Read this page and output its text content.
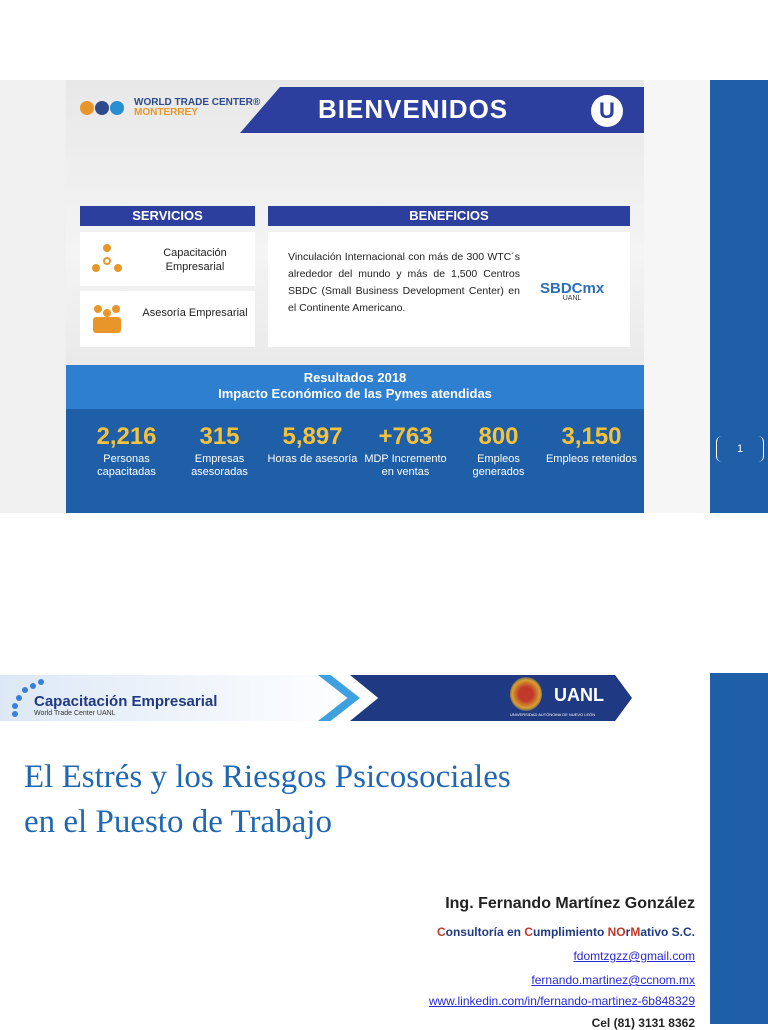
WORLD TRADE CENTER®
MONTERREY	BIENVENIDOS	U
SERVICIOS	BENEFICIOS
Capacitación Empresarial
Asesoría Empresarial
Vinculación Internacional con más de 300 WTC´s alrededor del mundo y más de 1,500 Centros SBDC (Small Business Development Center) en el Continente Americano.
SBDCmx
UANL
Resultados 2018
Impacto Económico de las Pymes atendidas
2,216
Personas capacitadas
315
Empresas asesoradas
5,897
Horas de asesoría
+763
MDP Incremento en ventas
800
Empleos generados
3,150
Empleos retenidos
1
Capacitación Empresarial
World Trade Center UANL
UANL
UNIVERSIDAD AUTÓNOMA DE NUEVO LEÓN
El Estrés y los Riesgos Psicosociales en el Puesto de Trabajo
Ing. Fernando Martínez González
Consultoría en Cumplimiento NOrMativo S.C.
fdomtzgzz@gmail.com
fernando.martinez@ccnom.mx
www.linkedin.com/in/fernando-martinez-6b848329
Cel (81) 3131 8362
